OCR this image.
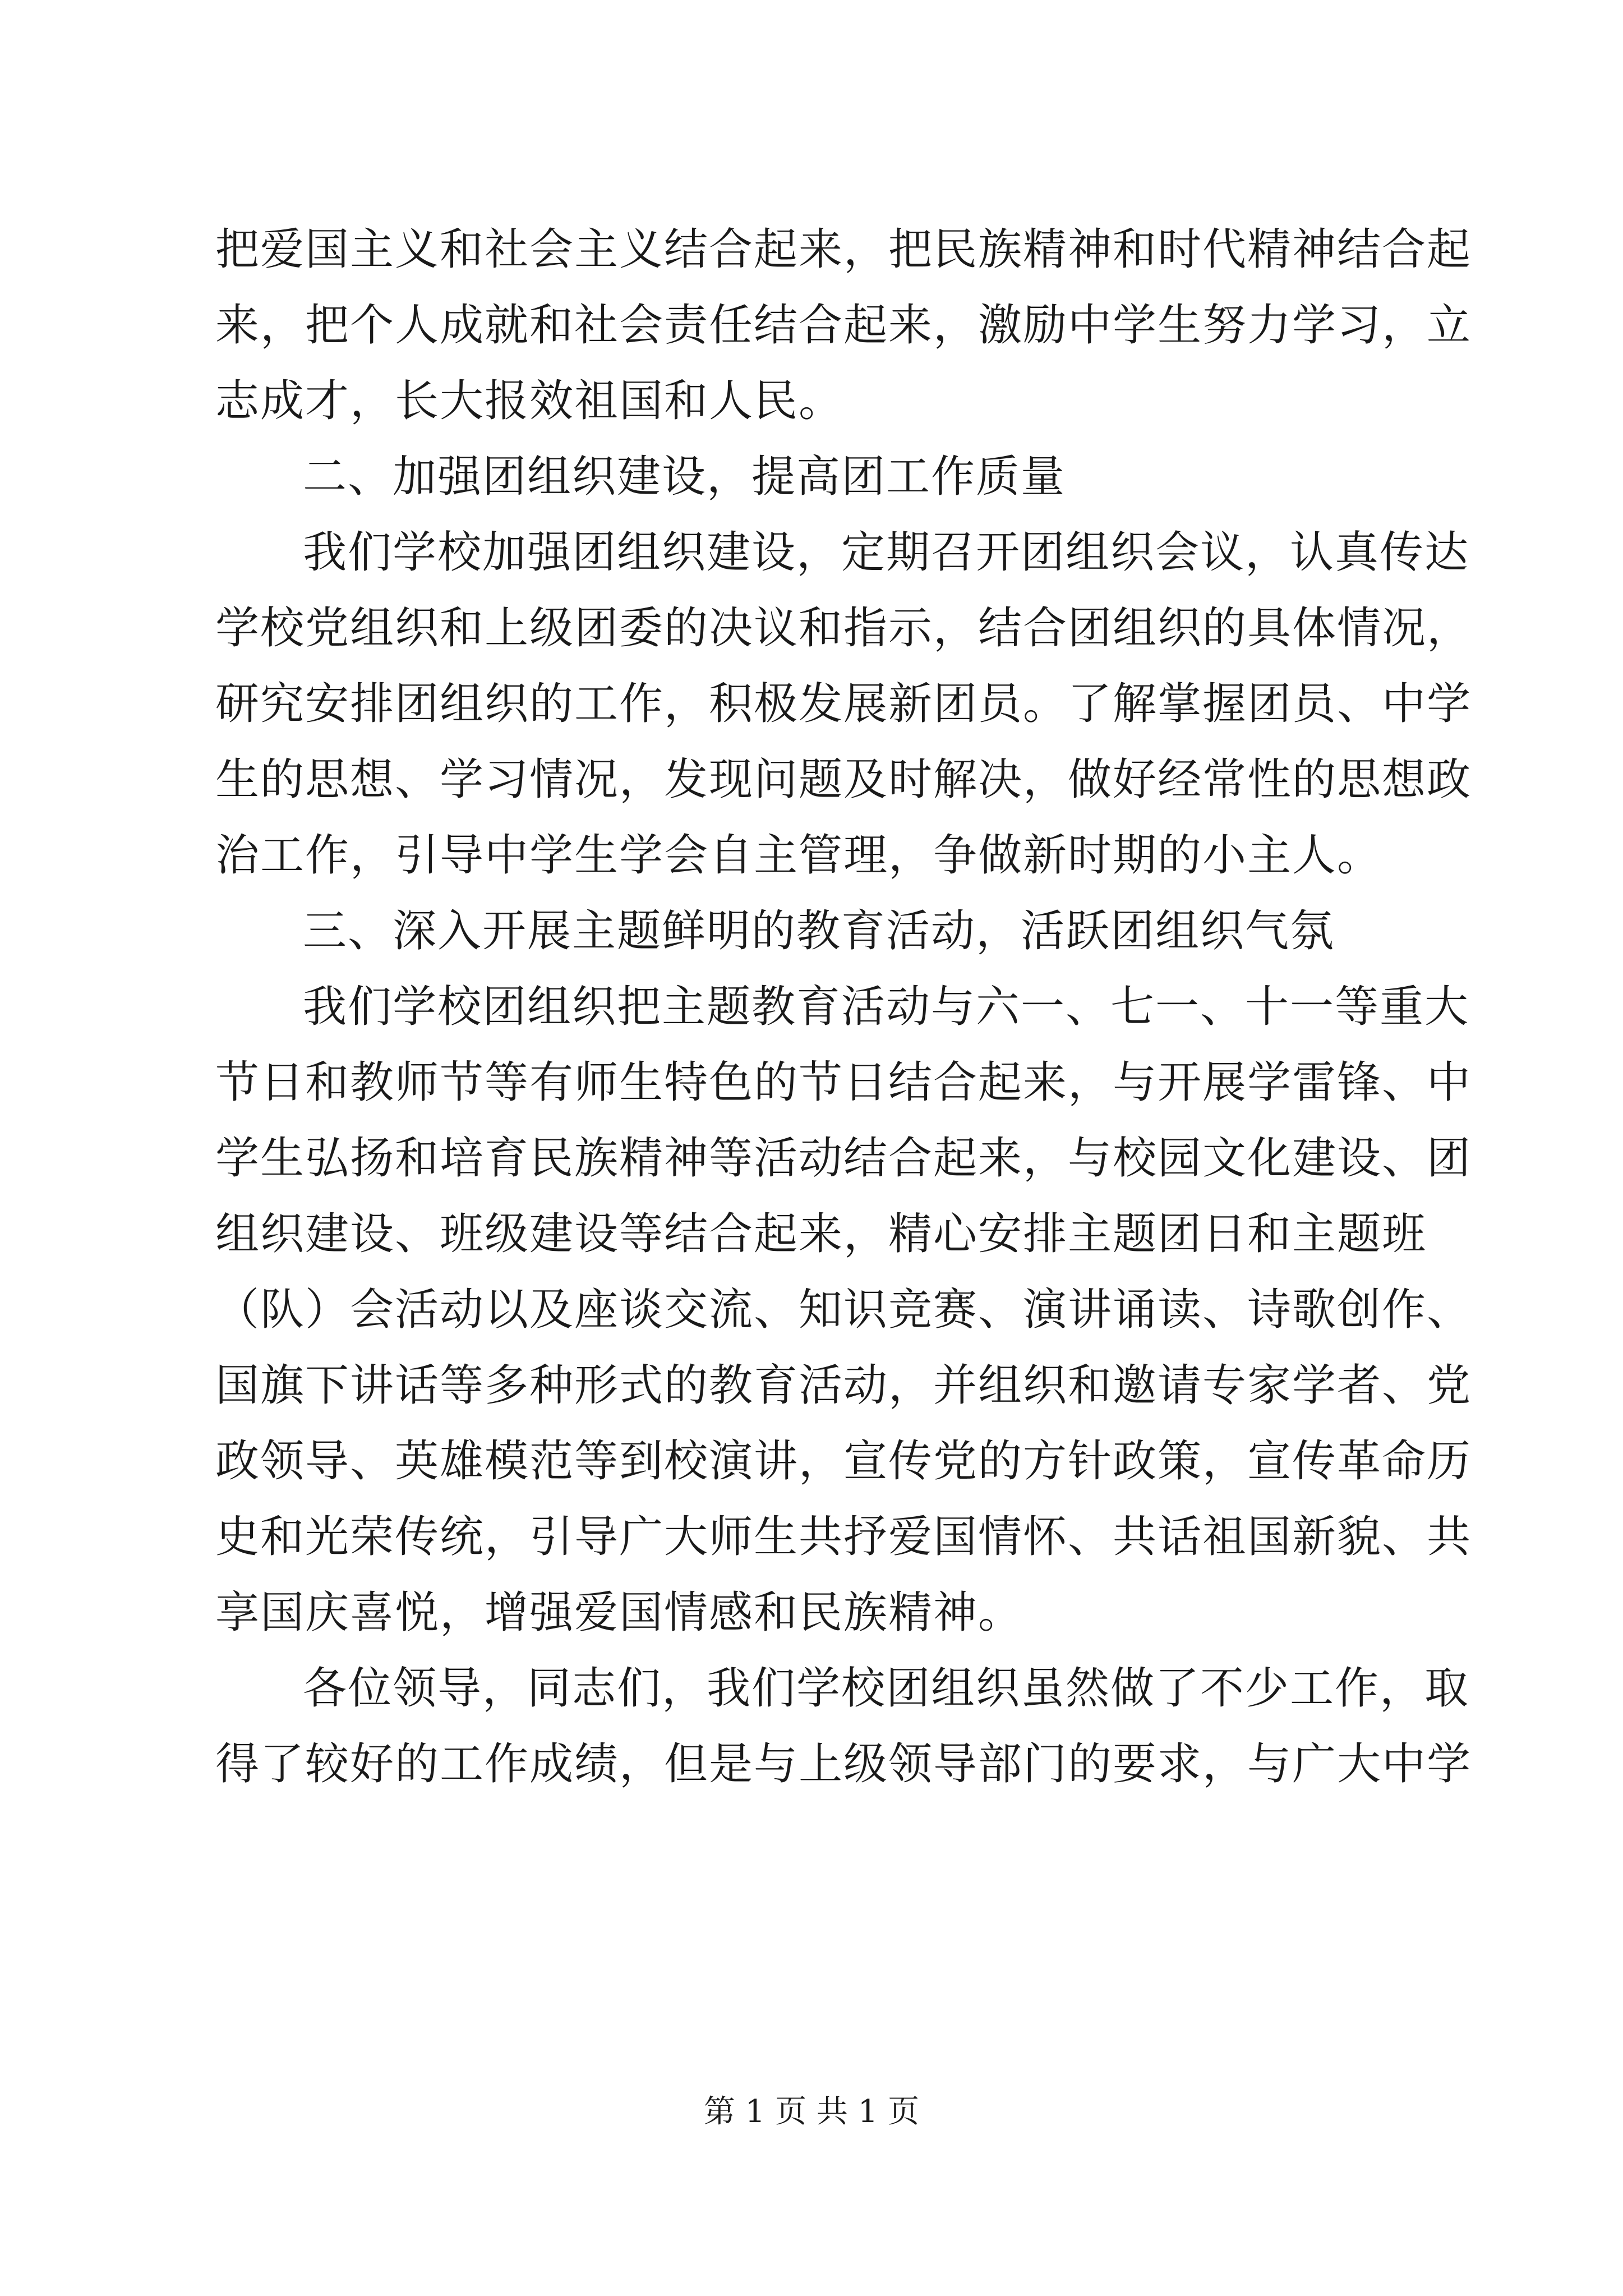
把爱国主义和社会主义结合起来，把民族精神和时代精神结合起
来，把个人成就和社会责任结合起来，激励中学生努力学习，立
志成才，长大报效祖国和人民。
二、加强团组织建设，提高团工作质量
我们学校加强团组织建设，定期召开团组织会议，认真传达
学校党组织和上级团委的决议和指示，结合团组织的具体情况，
研究安排团组织的工作，积极发展新团员。了解掌握团员、中学
生的思想、学习情况，发现问题及时解决，做好经常性的思想政
治工作，引导中学生学会自主管理，争做新时期的小主人。
三、深入开展主题鲜明的教育活动，活跃团组织气氛
我们学校团组织把主题教育活动与六一、七一、十一等重大
节日和教师节等有师生特色的节日结合起来，与开展学雷锋、中
学生弘扬和培育民族精神等活动结合起来，与校园文化建设、团
组织建设、班级建设等结合起来，精心安排主题团日和主题班
（队）会活动以及座谈交流、知识竞赛、演讲诵读、诗歌创作、
国旗下讲话等多种形式的教育活动，并组织和邀请专家学者、党
政领导、英雄模范等到校演讲，宣传党的方针政策，宣传革命历
史和光荣传统，引导广大师生共抒爱国情怀、共话祖国新貌、共
享国庆喜悦，增强爱国情感和民族精神。
各位领导，同志们，我们学校团组织虽然做了不少工作，取
得了较好的工作成绩，但是与上级领导部门的要求，与广大中学
第 1 页 共 1 页
